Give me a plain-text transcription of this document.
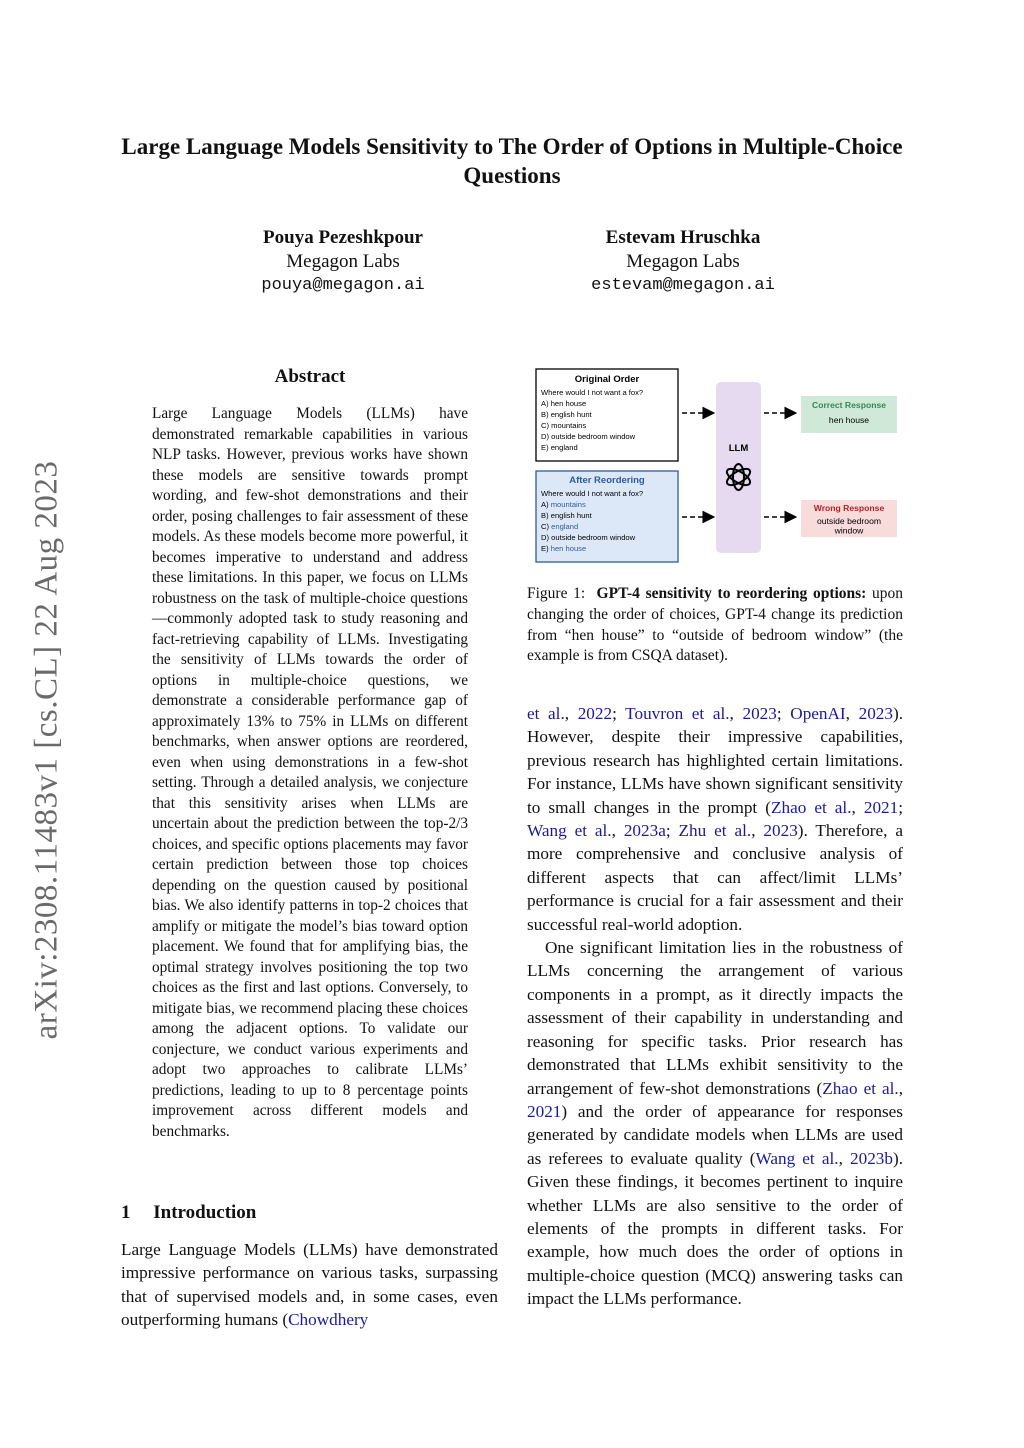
arXiv:2308.11483v1 [cs.CL] 22 Aug 2023
Large Language Models Sensitivity to The Order of Options in Multiple-Choice Questions
Pouya Pezeshkpour
Megagon Labs
pouya@megagon.ai
Estevam Hruschka
Megagon Labs
estevam@megagon.ai
Abstract
Large Language Models (LLMs) have demonstrated remarkable capabilities in various NLP tasks. However, previous works have shown these models are sensitive towards prompt wording, and few-shot demonstrations and their order, posing challenges to fair assessment of these models. As these models become more powerful, it becomes imperative to understand and address these limitations. In this paper, we focus on LLMs robustness on the task of multiple-choice questions—commonly adopted task to study reasoning and fact-retrieving capability of LLMs. Investigating the sensitivity of LLMs towards the order of options in multiple-choice questions, we demonstrate a considerable performance gap of approximately 13% to 75% in LLMs on different benchmarks, when answer options are reordered, even when using demonstrations in a few-shot setting. Through a detailed analysis, we conjecture that this sensitivity arises when LLMs are uncertain about the prediction between the top-2/3 choices, and specific options placements may favor certain prediction between those top choices depending on the question caused by positional bias. We also identify patterns in top-2 choices that amplify or mitigate the model’s bias toward option placement. We found that for amplifying bias, the optimal strategy involves positioning the top two choices as the first and last options. Conversely, to mitigate bias, we recommend placing these choices among the adjacent options. To validate our conjecture, we conduct various experiments and adopt two approaches to calibrate LLMs’ predictions, leading to up to 8 percentage points improvement across different models and benchmarks.
1 Introduction
Large Language Models (LLMs) have demonstrated impressive performance on various tasks, surpassing that of supervised models and, in some cases, even outperforming humans (Chowdhery
Original Order
Where would I not want a fox?
A) hen house
B) english hunt
C) mountains
D) outside bedroom window
E) england
After Reordering
Where would I not want a fox?
A) mountains
B) english hunt
C) england
D) outside bedroom window
E) hen house
LLM
Correct Response
hen house
Wrong Response
outside bedroom
window
Figure 1: GPT-4 sensitivity to reordering options: upon changing the order of choices, GPT-4 change its prediction from “hen house” to “outside of bedroom window” (the example is from CSQA dataset).

et al., 2022; Touvron et al., 2023; OpenAI, 2023). However, despite their impressive capabilities, previous research has highlighted certain limitations. For instance, LLMs have shown significant sensitivity to small changes in the prompt (Zhao et al., 2021; Wang et al., 2023a; Zhu et al., 2023). Therefore, a more comprehensive and conclusive analysis of different aspects that can affect/limit LLMs’ performance is crucial for a fair assessment and their successful real-world adoption.

One significant limitation lies in the robustness of LLMs concerning the arrangement of various components in a prompt, as it directly impacts the assessment of their capability in understanding and reasoning for specific tasks. Prior research has demonstrated that LLMs exhibit sensitivity to the arrangement of few-shot demonstrations (Zhao et al., 2021) and the order of appearance for responses generated by candidate models when LLMs are used as referees to evaluate quality (Wang et al., 2023b). Given these findings, it becomes pertinent to inquire whether LLMs are also sensitive to the order of elements of the prompts in different tasks. For example, how much does the order of options in multiple-choice question (MCQ) answering tasks can impact the LLMs performance.
